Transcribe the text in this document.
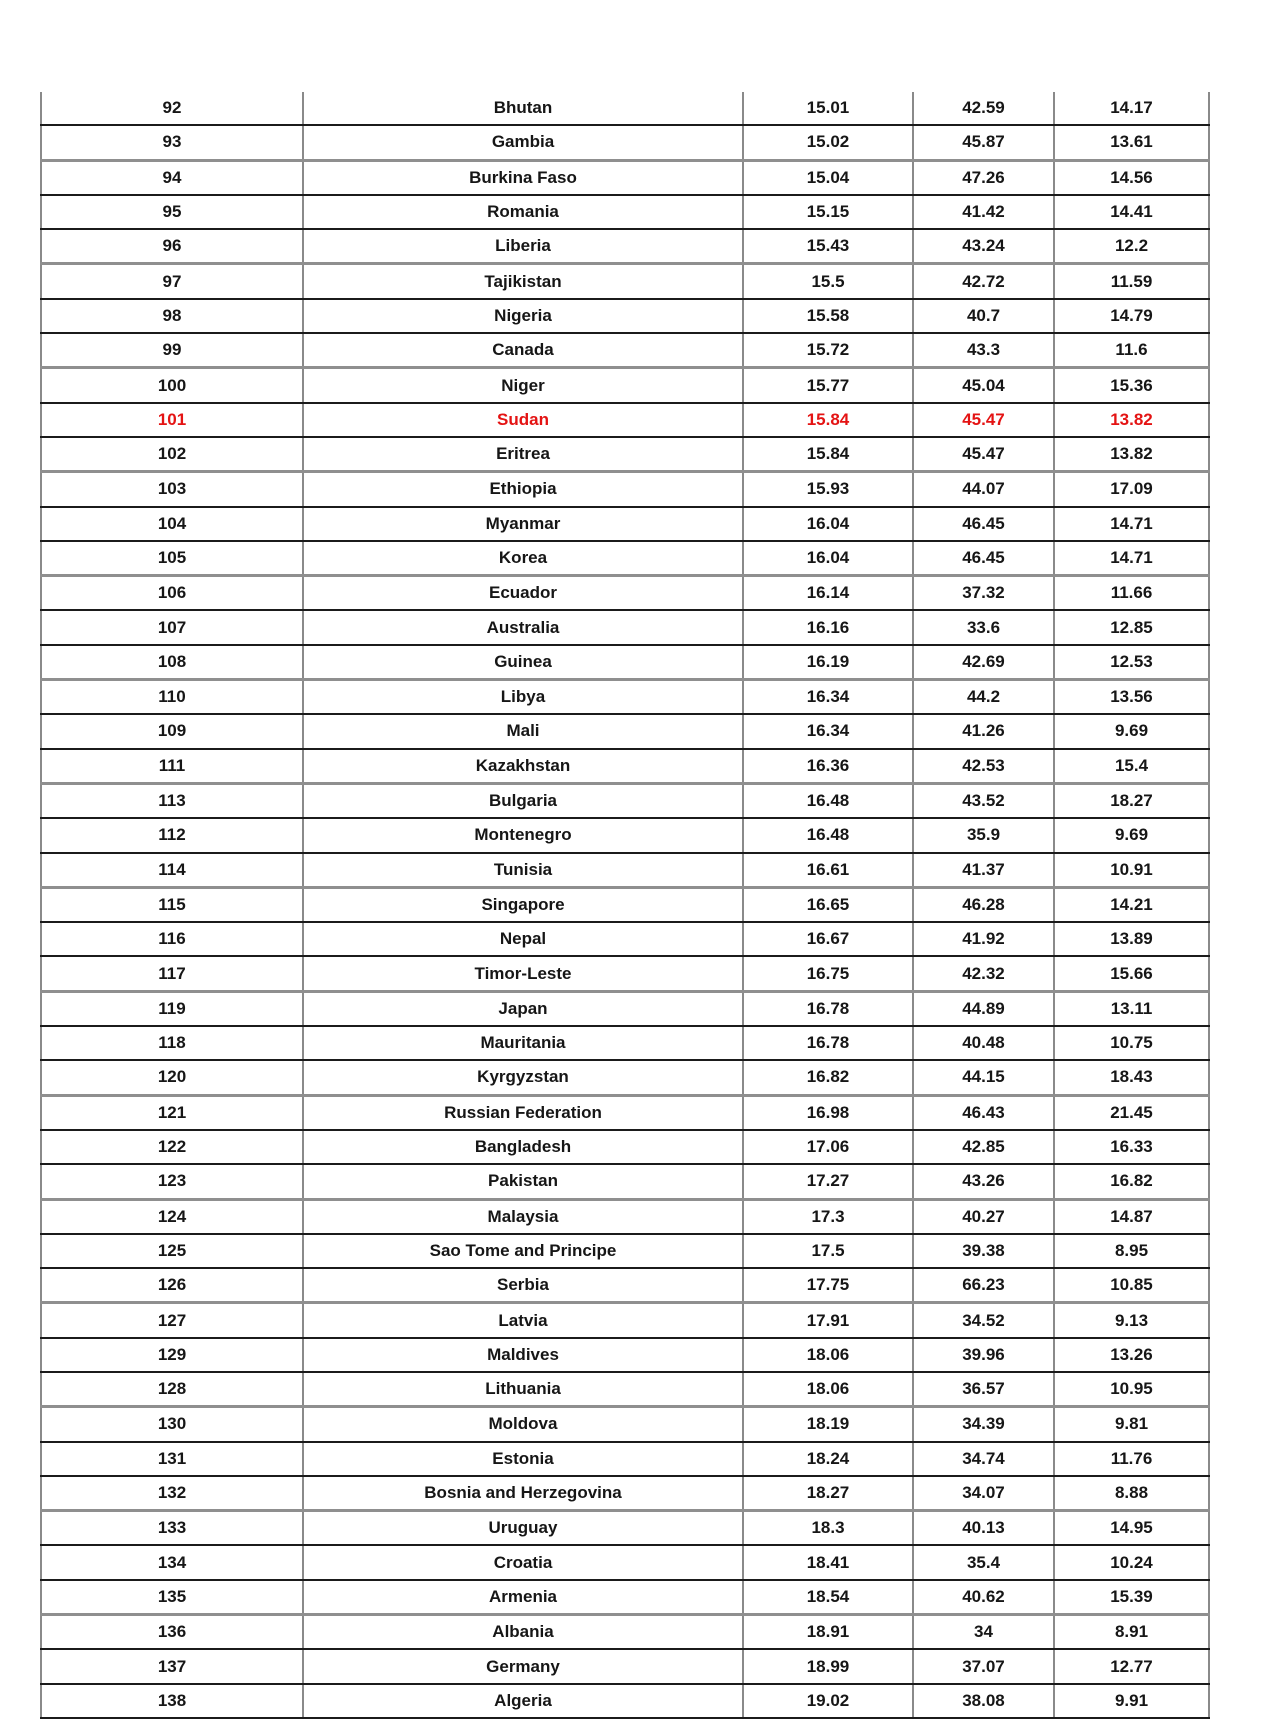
92	Bhutan	15.01	42.59	14.17
93	Gambia	15.02	45.87	13.61
94	Burkina Faso	15.04	47.26	14.56
95	Romania	15.15	41.42	14.41
96	Liberia	15.43	43.24	12.2
97	Tajikistan	15.5	42.72	11.59
98	Nigeria	15.58	40.7	14.79
99	Canada	15.72	43.3	11.6
100	Niger	15.77	45.04	15.36
101	Sudan	15.84	45.47	13.82
102	Eritrea	15.84	45.47	13.82
103	Ethiopia	15.93	44.07	17.09
104	Myanmar	16.04	46.45	14.71
105	Korea	16.04	46.45	14.71
106	Ecuador	16.14	37.32	11.66
107	Australia	16.16	33.6	12.85
108	Guinea	16.19	42.69	12.53
110	Libya	16.34	44.2	13.56
109	Mali	16.34	41.26	9.69
111	Kazakhstan	16.36	42.53	15.4
113	Bulgaria	16.48	43.52	18.27
112	Montenegro	16.48	35.9	9.69
114	Tunisia	16.61	41.37	10.91
115	Singapore	16.65	46.28	14.21
116	Nepal	16.67	41.92	13.89
117	Timor-Leste	16.75	42.32	15.66
119	Japan	16.78	44.89	13.11
118	Mauritania	16.78	40.48	10.75
120	Kyrgyzstan	16.82	44.15	18.43
121	Russian Federation	16.98	46.43	21.45
122	Bangladesh	17.06	42.85	16.33
123	Pakistan	17.27	43.26	16.82
124	Malaysia	17.3	40.27	14.87
125	Sao Tome and Principe	17.5	39.38	8.95
126	Serbia	17.75	66.23	10.85
127	Latvia	17.91	34.52	9.13
129	Maldives	18.06	39.96	13.26
128	Lithuania	18.06	36.57	10.95
130	Moldova	18.19	34.39	9.81
131	Estonia	18.24	34.74	11.76
132	Bosnia and Herzegovina	18.27	34.07	8.88
133	Uruguay	18.3	40.13	14.95
134	Croatia	18.41	35.4	10.24
135	Armenia	18.54	40.62	15.39
136	Albania	18.91	34	8.91
137	Germany	18.99	37.07	12.77
138	Algeria	19.02	38.08	9.91
